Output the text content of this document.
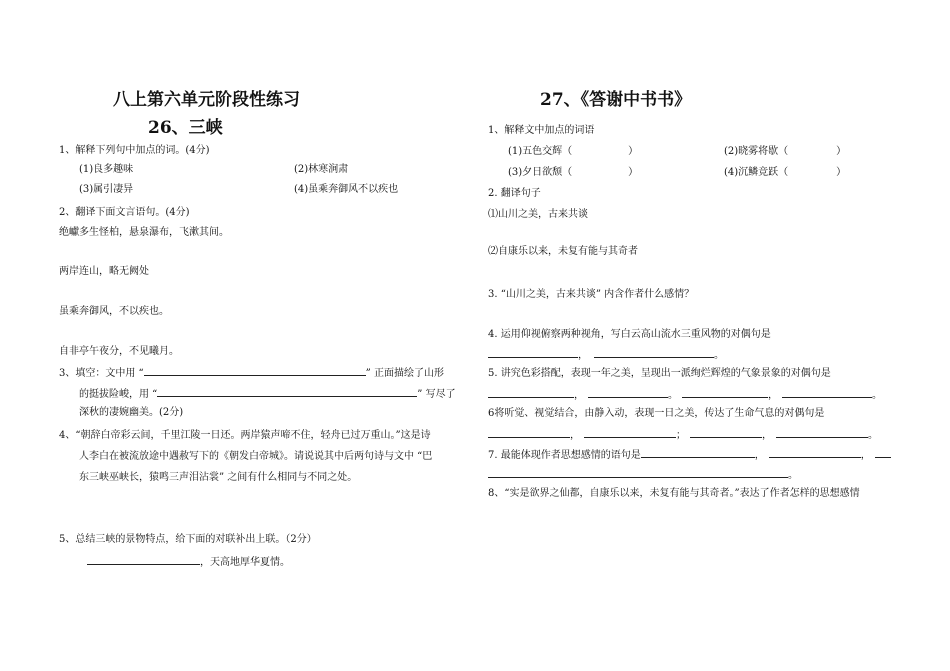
八上第六单元阶段性练习
26、三峡
1、解释下列句中加点的词。(4分)
(1)良多趣味	(2)林寒涧肃
(3)属引凄异	(4)虽乘奔御风不以疾也
2、翻译下面文言语句。(4分)
绝巘多生怪柏，悬泉瀑布，飞漱其间。
两岸连山，略无阙处
虽乘奔御风，不以疾也。
自非亭午夜分，不见曦月。
3、填空：文中用 “	” 正面描绘了山形
的挺拔险峻，用 “	” 写尽了
深秋的凄婉幽美。(2分)
4、“朝辞白帝彩云间，千里江陵一日还。两岸猿声啼不住，轻舟已过万重山。”这是诗
人李白在被流放途中遇赦写下的《朝发白帝城》。请说说其中后两句诗与文中 “巴
东三峡巫峡长，猿鸣三声泪沾裳” 之间有什么相同与不同之处。
5、总结三峡的景物特点，给下面的对联补出上联。（2分）
，天高地厚华夏情。
27、《答谢中书书》
1、解释文中加点的词语
(1)五色交辉（	）	(2)晓雾将歇（	）
(3)夕日欲颓（	）	(4)沉鳞竞跃（	）
2. 翻译句子
⑴山川之美，古来共谈
⑵自康乐以来，未复有能与其奇者
3. “山川之美，古来共谈” 内含作者什么感情？
4. 运用仰视俯察两种视角，写白云高山流水三重风物的对偶句是
，	。
5. 讲究色彩搭配，表现一年之美，呈现出一派绚烂辉煌的气象景象的对偶句是
，	。	，	。
6将听觉、视觉结合，由静入动，表现一日之美，传达了生命气息的对偶句是
，	；	，	。
7. 最能体现作者思想感情的语句是	，	，
。
8、“实是欲界之仙都，自康乐以来，未复有能与其奇者。”表达了作者怎样的思想感情
